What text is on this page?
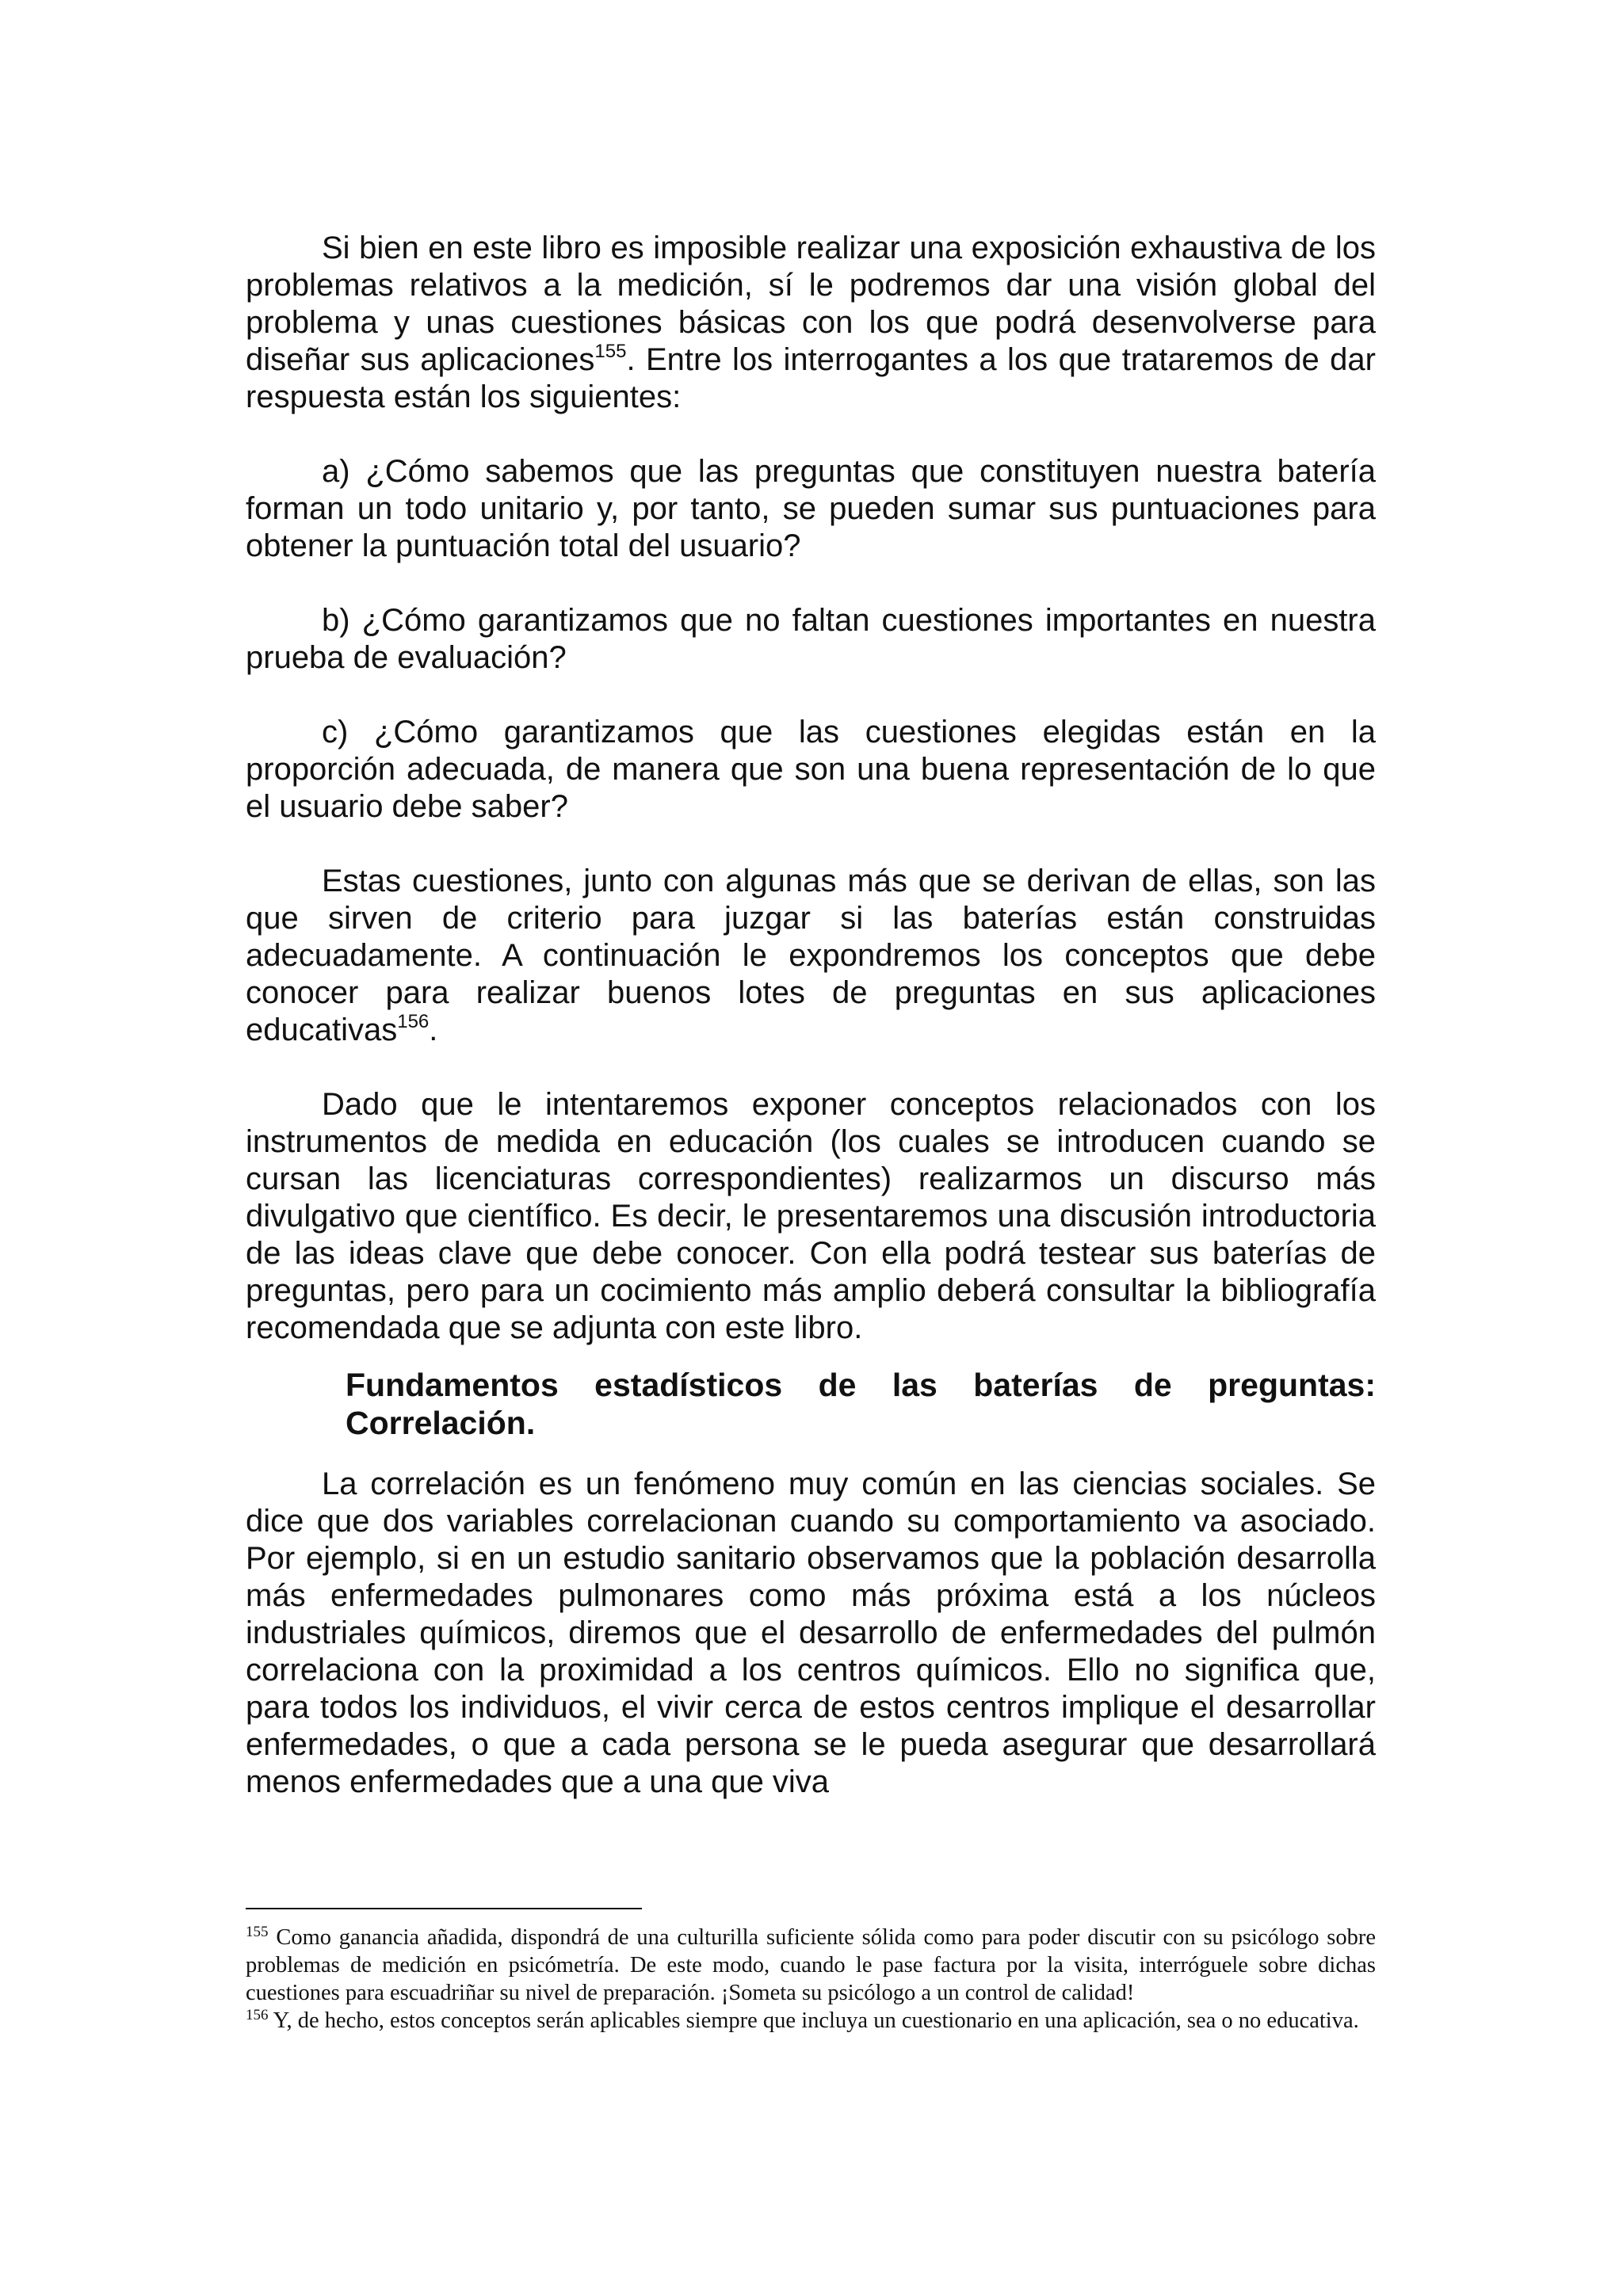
Si bien en este libro es imposible realizar una exposición exhaustiva de los problemas relativos a la medición, sí le podremos dar una visión global del problema y unas cuestiones básicas con los que podrá desenvolverse para diseñar sus aplicaciones$^{155}$. Entre los interrogantes a los que trataremos de dar respuesta están los siguientes:

a) ¿Cómo sabemos que las preguntas que constituyen nuestra batería forman un todo unitario y, por tanto, se pueden sumar sus puntuaciones para obtener la puntuación total del usuario?

b) ¿Cómo garantizamos que no faltan cuestiones importantes en nuestra prueba de evaluación?

c) ¿Cómo garantizamos que las cuestiones elegidas están en la proporción adecuada, de manera que son una buena representación de lo que el usuario debe saber?

Estas cuestiones, junto con algunas más que se derivan de ellas, son las que sirven de criterio para juzgar si las baterías están construidas adecuadamente. A continuación le expondremos los conceptos que debe conocer para realizar buenos lotes de preguntas en sus aplicaciones educativas$^{156}$.

Dado que le intentaremos exponer conceptos relacionados con los instrumentos de medida en educación (los cuales se introducen cuando se cursan las licenciaturas correspondientes) realizarmos un discurso más divulgativo que científico. Es decir, le presentaremos una discusión introductoria de las ideas clave que debe conocer. Con ella podrá testear sus baterías de preguntas, pero para un cocimiento más amplio deberá consultar la bibliografía recomendada que se adjunta con este libro.

Fundamentos estadísticos de las baterías de preguntas: Correlación.

La correlación es un fenómeno muy común en las ciencias sociales. Se dice que dos variables correlacionan cuando su comportamiento va asociado. Por ejemplo, si en un estudio sanitario observamos que la población desarrolla más enfermedades pulmonares como más próxima está a los núcleos industriales químicos, diremos que el desarrollo de enfermedades del pulmón correlaciona con la proximidad a los centros químicos. Ello no significa que, para todos los individuos, el vivir cerca de estos centros implique el desarrollar enfermedades, o que a cada persona se le pueda asegurar que desarrollará menos enfermedades que a una que viva

$^{155}$ Como ganancia añadida, dispondrá de una culturilla suficiente sólida como para poder discutir con su psicólogo sobre problemas de medición en psicómetría. De este modo, cuando le pase factura por la visita, interróguele sobre dichas cuestiones para escuadriñar su nivel de preparación. ¡Someta su psicólogo a un control de calidad!

$^{156}$ Y, de hecho, estos conceptos serán aplicables siempre que incluya un cuestionario en una aplicación, sea o no educativa.
